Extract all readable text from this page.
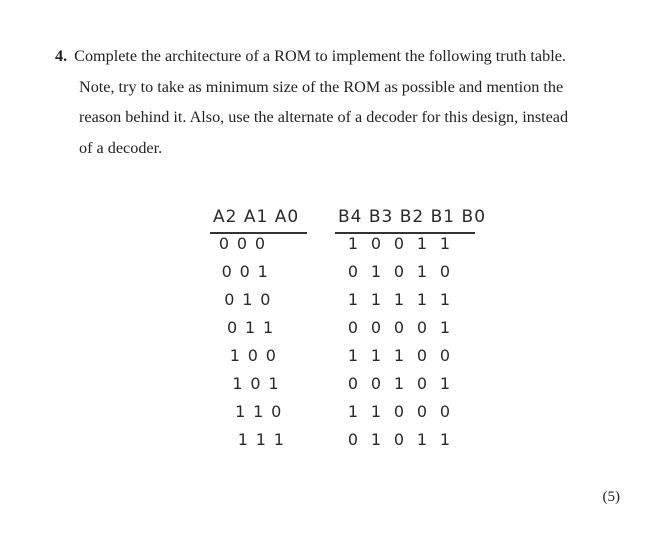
4. Complete the architecture of a ROM to implement the following truth table.
Note, try to take as minimum size of the ROM as possible and mention the
reason behind it. Also, use the alternate of a decoder for this design, instead
of a decoder.
A2 A1 A0 B4 B3 B2 B1 B0
0 0 0	1 0 0 1 1
0 0 1	0 1 0 1 0
0 1 0	1 1 1 1 1
0 1 1	0 0 0 0 1
1 0 0	1 1 1 0 0
1 0 1	0 0 1 0 1
1 1 0	1 1 0 0 0
1 1 1	0 1 0 1 1
(5)
